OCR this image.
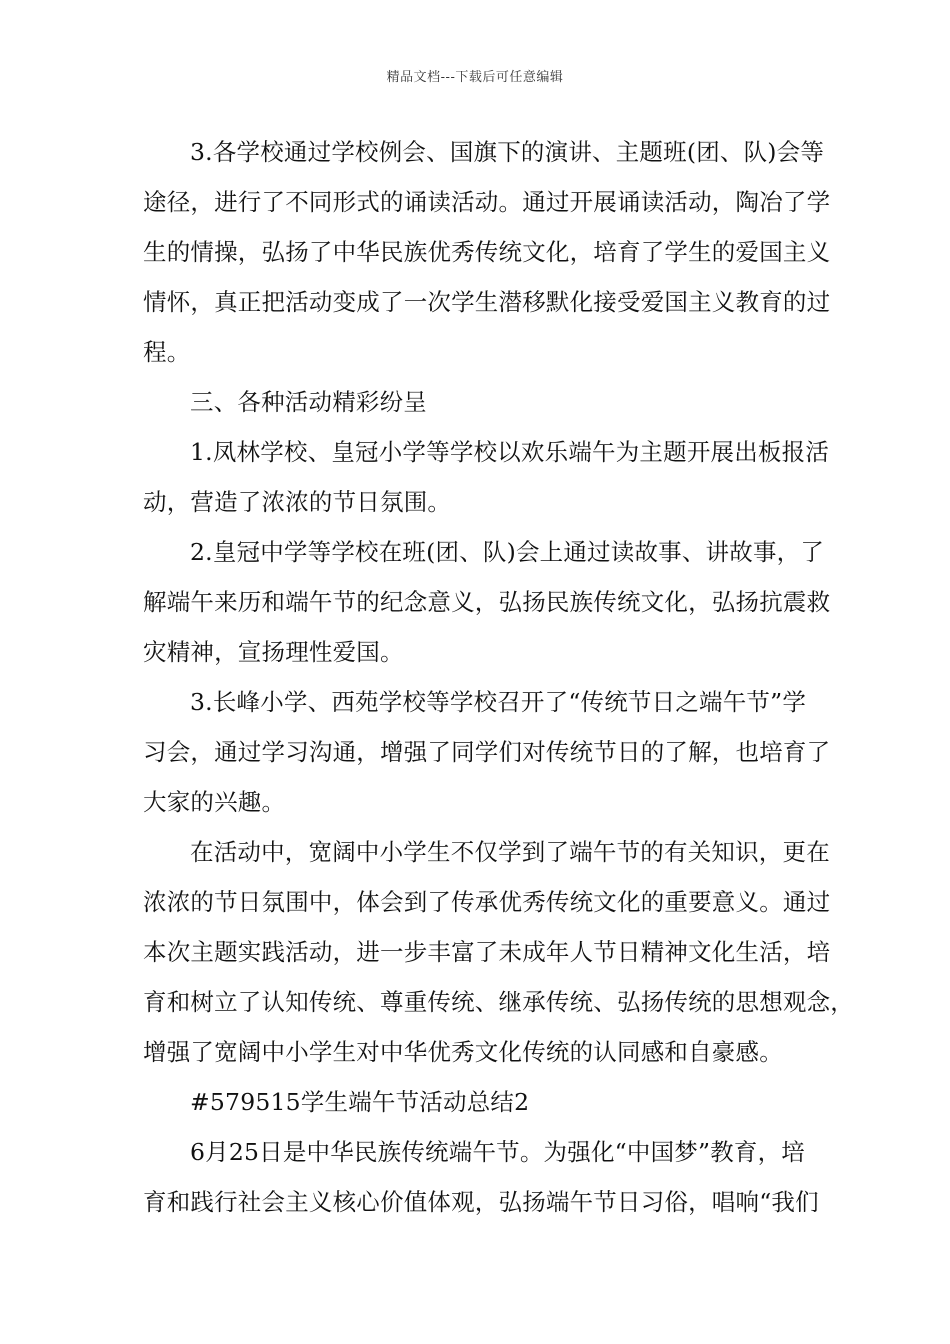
精品文档---下载后可任意编辑
3.各学校通过学校例会、国旗下的演讲、主题班(团、队)会等
途径，进行了不同形式的诵读活动。通过开展诵读活动，陶冶了学
生的情操，弘扬了中华民族优秀传统文化，培育了学生的爱国主义
情怀，真正把活动变成了一次学生潜移默化接受爱国主义教育的过
程。
三、各种活动精彩纷呈
1.凤林学校、皇冠小学等学校以欢乐端午为主题开展出板报活
动，营造了浓浓的节日氛围。
2.皇冠中学等学校在班(团、队)会上通过读故事、讲故事，了
解端午来历和端午节的纪念意义，弘扬民族传统文化，弘扬抗震救
灾精神，宣扬理性爱国。
3.长峰小学、西苑学校等学校召开了“传统节日之端午节”学
习会，通过学习沟通，增强了同学们对传统节日的了解，也培育了
大家的兴趣。
在活动中，宽阔中小学生不仅学到了端午节的有关知识，更在
浓浓的节日氛围中，体会到了传承优秀传统文化的重要意义。通过
本次主题实践活动，进一步丰富了未成年人节日精神文化生活，培
育和树立了认知传统、尊重传统、继承传统、弘扬传统的思想观念，
增强了宽阔中小学生对中华优秀文化传统的认同感和自豪感。
#579515学生端午节活动总结2
6月25日是中华民族传统端午节。为强化“中国梦”教育，培
育和践行社会主义核心价值体观，弘扬端午节日习俗，唱响“我们
